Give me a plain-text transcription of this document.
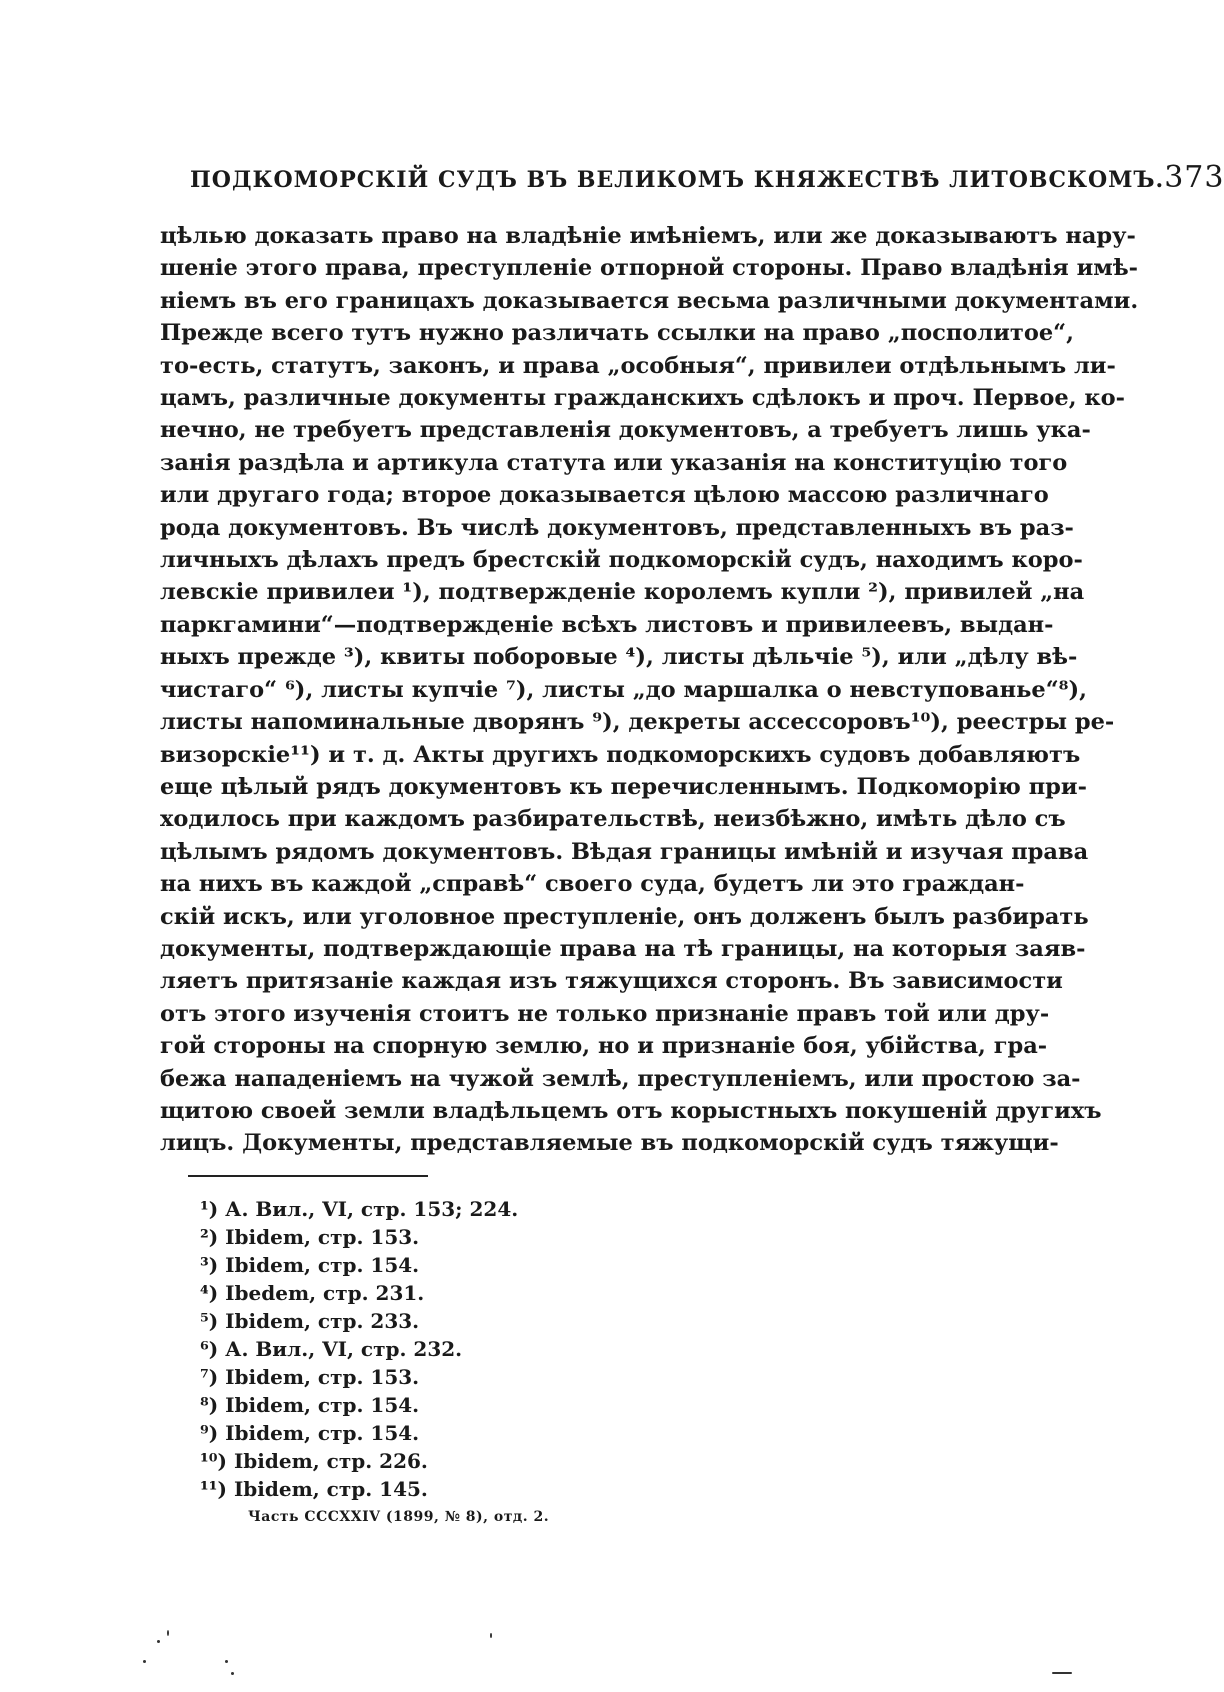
ПОДКОМОРСКІЙ СУДЪ ВЪ ВЕЛИКОМЪ КНЯЖЕСТВѢ ЛИТОВСКОМЪ. 373
цѣлью доказать право на владѣніе имѣніемъ, или же доказываютъ нару-
шеніе этого права, преступленіе отпорной стороны. Право владѣнія имѣ-
ніемъ въ его границахъ доказывается весьма различными документами.
Прежде всего тутъ нужно различать ссылки на право „посполитое“,
то-есть, статутъ, законъ, и права „особныя“, привилеи отдѣльнымъ ли-
цамъ, различные документы гражданскихъ сдѣлокъ и проч. Первое, ко-
нечно, не требуетъ представленія документовъ, а требуетъ лишь ука-
занія раздѣла и артикула статута или указанія на конституцію того
или другаго года; второе доказывается цѣлою массою различнаго
рода документовъ. Въ числѣ документовъ, представленныхъ въ раз-
личныхъ дѣлахъ предъ брестскій подкоморскій судъ, находимъ коро-
левскіе привилеи ¹), подтвержденіе королемъ купли ²), привилей „на
паркгамини“—подтвержденіе всѣхъ листовъ и привилеевъ, выдан-
ныхъ прежде ³), квиты поборовые ⁴), листы дѣльчіе ⁵), или „дѣлу вѣ-
чистаго“ ⁶), листы купчіе ⁷), листы „до маршалка о невступованье“⁸),
листы напоминальные дворянъ ⁹), декреты ассессоровъ¹⁰), реестры ре-
визорскіе¹¹) и т. д. Акты другихъ подкоморскихъ судовъ добавляютъ
еще цѣлый рядъ документовъ къ перечисленнымъ. Подкоморію при-
ходилось при каждомъ разбирательствѣ, неизбѣжно, имѣть дѣло съ
цѣлымъ рядомъ документовъ. Вѣдая границы имѣній и изучая права
на нихъ въ каждой „справѣ“ своего суда, будетъ ли это граждан-
скій искъ, или уголовное преступленіе, онъ долженъ былъ разбирать
документы, подтверждающіе права на тѣ границы, на которыя заяв-
ляетъ притязаніе каждая изъ тяжущихся сторонъ. Въ зависимости
отъ этого изученія стоитъ не только признаніе правъ той или дру-
гой стороны на спорную землю, но и признаніе боя, убійства, гра-
бежа нападеніемъ на чужой землѣ, преступленіемъ, или простою за-
щитою своей земли владѣльцемъ отъ корыстныхъ покушеній другихъ
лицъ. Документы, представляемые въ подкоморскій судъ тяжущи-
¹) А. Вил., VI, стр. 153; 224.
²) Ibidem, стр. 153.
³) Ibidem, стр. 154.
⁴) Ibedem, стр. 231.
⁵) Ibidem, стр. 233.
⁶) А. Вил., VI, стр. 232.
⁷) Ibidem, стр. 153.
⁸) Ibidem, стр. 154.
⁹) Ibidem, стр. 154.
¹⁰) Ibidem, стр. 226.
¹¹) Ibidem, стр. 145.
Часть CCCXXIV (1899, № 8), отд. 2.
